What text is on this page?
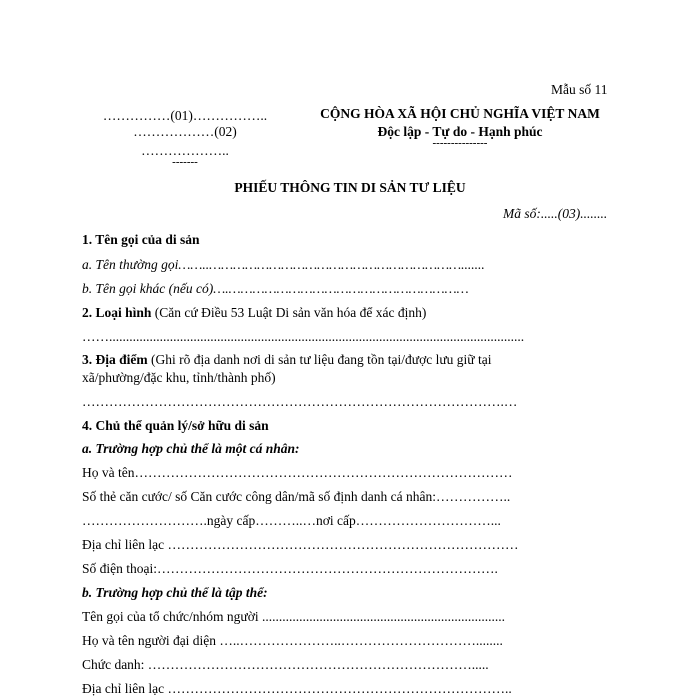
Mẫu số 11
……………(01)……………..
………………(02)
………………..
-------
CỘNG HÒA XÃ HỘI CHỦ NGHĨA VIỆT NAM
Độc lập - Tự do - Hạnh phúc
---------------
PHIẾU THÔNG TIN DI SẢN TƯ LIỆU
Mã số:.....(03)........
1. Tên gọi của di sản
a. Tên thường gọi……..……………………………………………………….......
b. Tên gọi khác (nếu có)….……………………………………………………
2. Loại hình (Căn cứ Điều 53 Luật Di sản văn hóa để xác định)
……...........................................................................................................................
3. Địa điểm (Ghi rõ địa danh nơi di sản tư liệu đang tồn tại/được lưu giữ tại
xã/phường/đặc khu, tỉnh/thành phố)
………………………………………………………………………………….…
4. Chủ thể quản lý/sở hữu di sản
a. Trường hợp chủ thể là một cá nhân:
Họ và tên…………………………………………………………………………
Số thẻ căn cước/ số Căn cước công dân/mã số định danh cá nhân:……………..
……………………….ngày cấp………..…nơi cấp…………………………...
Địa chỉ liên lạc ……………………………………………………………………
Số điện thoại:………………………………………………………………….
b. Trường hợp chủ thể là tập thể:
Tên gọi của tổ chức/nhóm người ........................................................................
Họ và tên người đại diện …..…………………..…………………………........
Chức danh: ……………………………………………………………….....
Địa chỉ liên lạc …………………………………………………………………..
